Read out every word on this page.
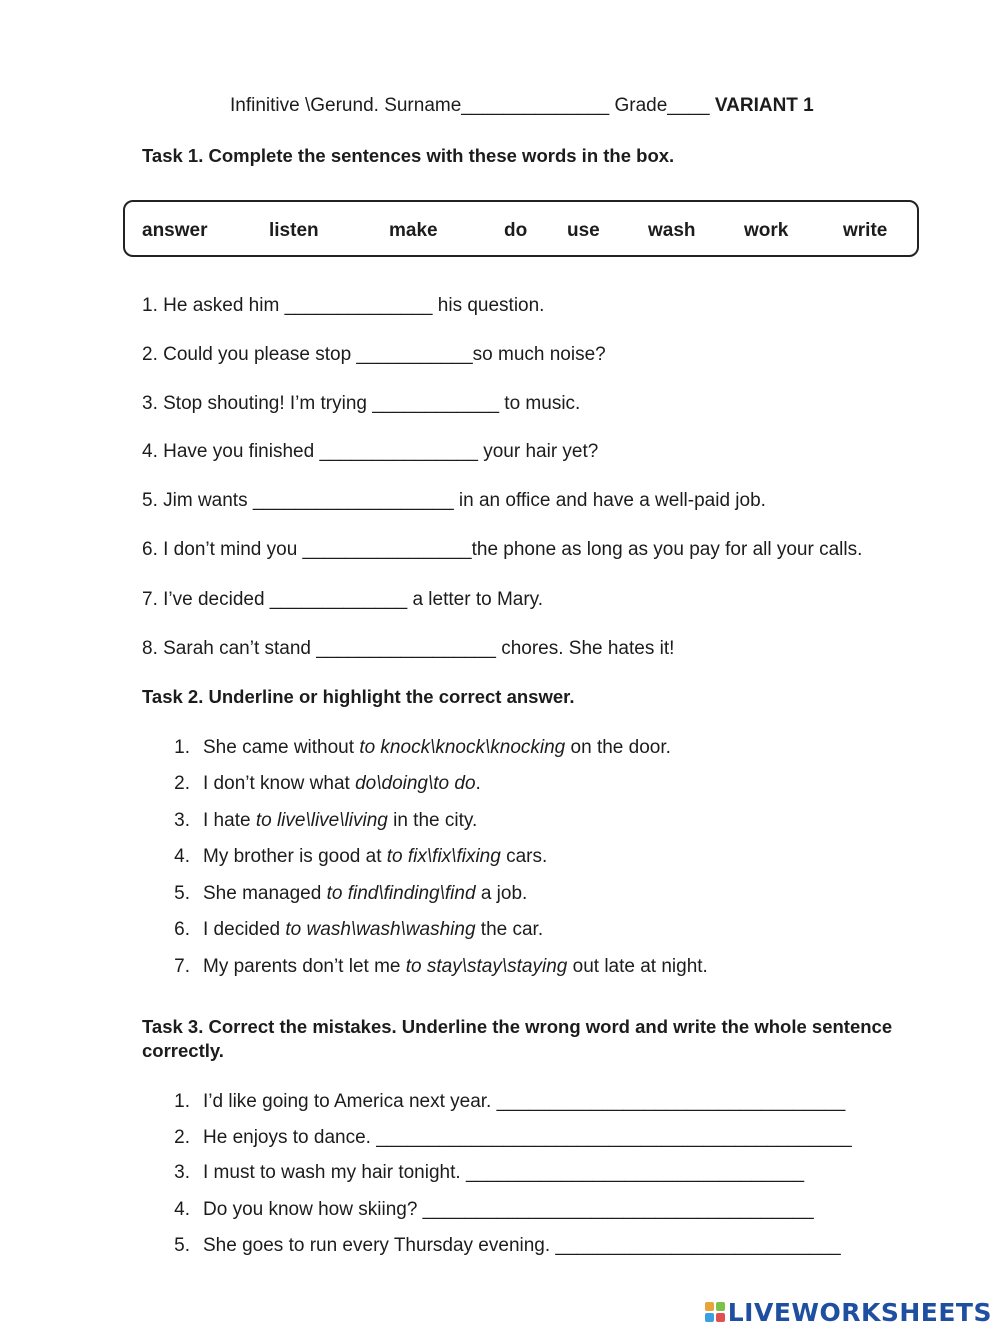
Infinitive \Gerund. Surname______________ Grade____ VARIANT 1
Task 1. Complete the sentences with these words in the box.
answer	listen	make	do use	wash	work	write
1. He asked him ______________ his question.
2. Could you please stop ___________so much noise?
3. Stop shouting! I’m trying ____________ to music.
4. Have you finished _______________ your hair yet?
5. Jim wants ___________________ in an office and have a well-paid job.
6. I don’t mind you ________________the phone as long as you pay for all your calls.
7. I’ve decided _____________ a letter to Mary.
8. Sarah can’t stand _________________ chores. She hates it!
Task 2. Underline or highlight the correct answer.
1. She came without to knock\knock\knocking on the door.
2. I don’t know what do\doing\to do.
3. I hate to live\live\living in the city.
4. My brother is good at to fix\fix\fixing cars.
5. She managed to find\finding\find a job.
6. I decided to wash\wash\washing the car.
7. My parents don’t let me to stay\stay\staying out late at night.
Task 3. Correct the mistakes. Underline the wrong word and write the whole sentence correctly.
1. I’d like going to America next year. _________________________________
2. He enjoys to dance. _____________________________________________
3. I must to wash my hair tonight. ________________________________
4. Do you know how skiing? _____________________________________
5. She goes to run every Thursday evening. ___________________________
LIVEWORKSHEETS
